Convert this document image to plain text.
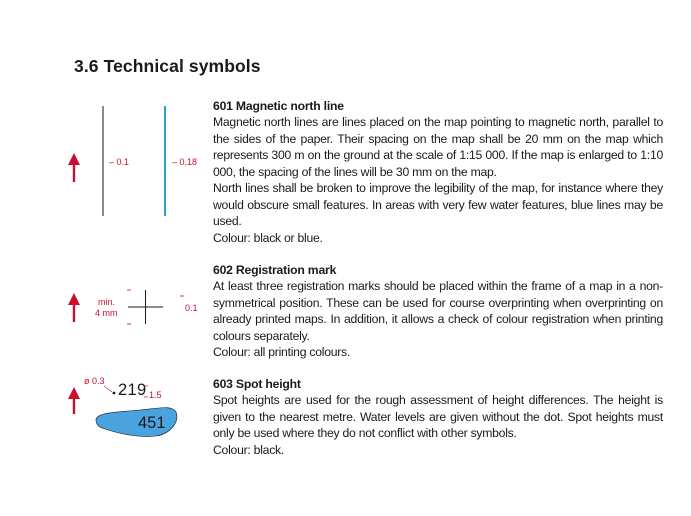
3.6 Technical symbols
– 0.1	– 0.18
601 Magnetic north line

Magnetic north lines are lines placed on the map pointing to magnetic north, parallel to the sides of the paper. Their spacing on the map shall be 20 mm on the map which represents 300 m on the ground at the scale of 1:15 000. If the map is enlarged to 1:10 000, the spacing of the lines will be 30 mm on the map.

North lines shall be broken to improve the legibility of the map, for instance where they would obscure small features. In areas with very few water features, blue lines may be used.

Colour: black or blue.

min.
4 mm	0.1
602 Registration mark

At least three registration marks should be placed within the frame of a map in a non-symmetrical position. These can be used for course overprinting when overprinting on already printed maps. In addition, it allows a check of colour registration when printing colours separately.

Colour: all printing colours.

ø 0.3 219 1.5
451
603 Spot height

Spot heights are used for the rough assessment of height differences. The height is given to the nearest metre. Water levels are given without the dot. Spot heights must only be used where they do not conflict with other symbols.

Colour: black.
